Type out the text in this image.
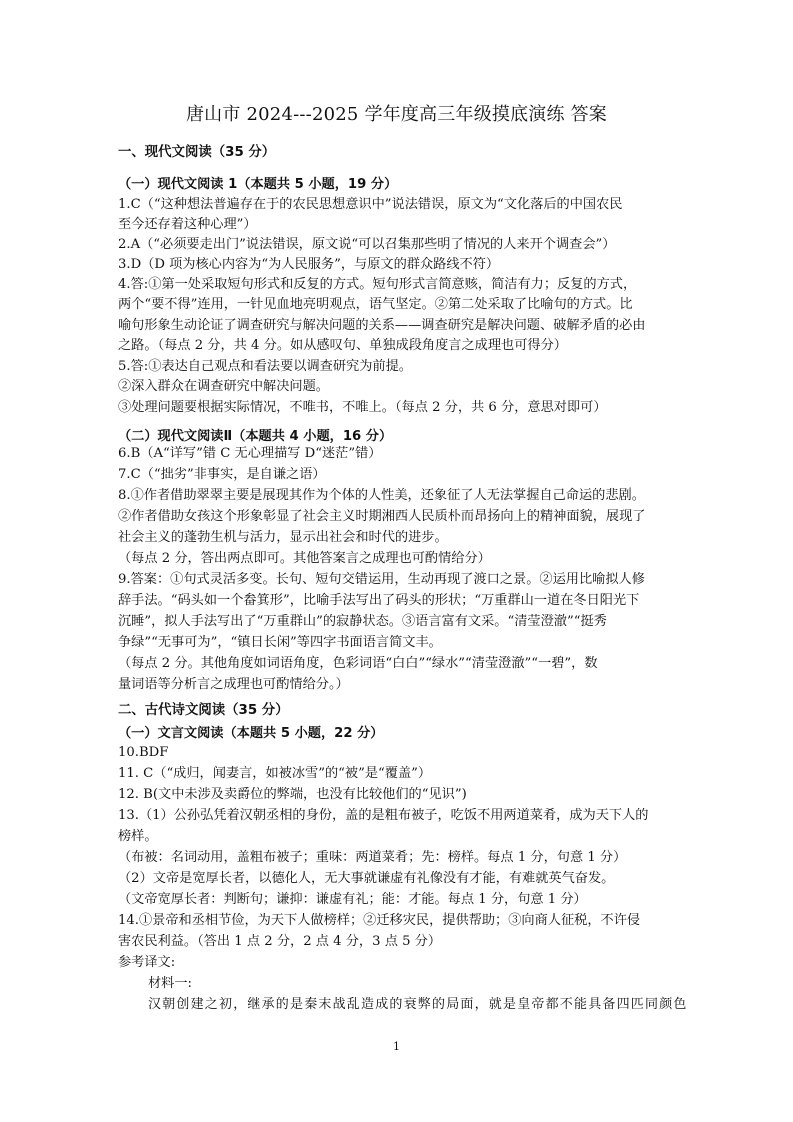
唐山市 2024---2025 学年度高三年级摸底演练 答案
一、现代文阅读（35 分）
（一）现代文阅读 1（本题共 5 小题，19 分）
1.C（“这种想法普遍存在于的农民思想意识中”说法错误，原文为“文化落后的中国农民
至今还存着这种心理”）
2.A（“必须要走出门”说法错误，原文说“可以召集那些明了情况的人来开个调查会”）
3.D（D 项为核心内容为“为人民服务”，与原文的群众路线不符）
4.答:①第一处采取短句形式和反复的方式。短句形式言简意赅，简洁有力；反复的方式，
两个“要不得”连用，一针见血地亮明观点，语气坚定。②第二处采取了比喻句的方式。比
喻句形象生动论证了调查研究与解决问题的关系——调查研究是解决问题、破解矛盾的必由
之路。（每点 2 分，共 4 分。如从感叹句、单独成段角度言之成理也可得分）
5.答:①表达自己观点和看法要以调查研究为前提。
②深入群众在调查研究中解决问题。
③处理问题要根据实际情况，不唯书，不唯上。（每点 2 分，共 6 分，意思对即可）
（二）现代文阅读Ⅱ（本题共 4 小题，16 分）
6.B（A“详写”错 C 无心理描写 D“迷茫”错）
7.C（“拙劣”非事实，是自谦之语）
8.①作者借助翠翠主要是展现其作为个体的人性美，还象征了人无法掌握自己命运的悲剧。
②作者借助女孩这个形象彰显了社会主义时期湘西人民质朴而昂扬向上的精神面貌，展现了
社会主义的蓬勃生机与活力，显示出社会和时代的进步。
（每点 2 分，答出两点即可。其他答案言之成理也可酌情给分）
9.答案：①句式灵活多变。长句、短句交错运用，生动再现了渡口之景。②运用比喻拟人修
辞手法。“码头如一个畚箕形”，比喻手法写出了码头的形状；“万重群山一道在冬日阳光下
沉睡”，拟人手法写出了“万重群山”的寂静状态。③语言富有文采。“清莹澄澈”“挺秀
争绿”“无事可为”，“镇日长闲”等四字书面语言简文丰。
（每点 2 分。其他角度如词语角度，色彩词语“白白”“绿水”“清莹澄澈”“一碧”，数
量词语等分析言之成理也可酌情给分。）
二、古代诗文阅读（35 分）
（一）文言文阅读（本题共 5 小题，22 分）
10.BDF
11. C（“成归，闻妻言，如被冰雪”的“被”是“覆盖”）
12. B(文中未涉及卖爵位的弊端，也没有比较他们的“见识”)
13.（1）公孙弘凭着汉朝丞相的身份，盖的是粗布被子，吃饭不用两道菜肴，成为天下人的
榜样。
（布被：名词动用，盖粗布被子；重味：两道菜肴；先：榜样。每点 1 分，句意 1 分）
（2）文帝是宽厚长者，以德化人，无大事就谦虚有礼像没有才能，有难就英气奋发。
（文帝宽厚长者：判断句；谦抑：谦虚有礼；能：才能。每点 1 分，句意 1 分）
14.①景帝和丞相节俭，为天下人做榜样；②迁移灾民，提供帮助；③向商人征税，不许侵
害农民利益。（答出 1 点 2 分，2 点 4 分，3 点 5 分）
参考译文:
材料一:
汉朝创建之初，继承的是秦末战乱造成的衰弊的局面，就是皇帝都不能具备四匹同颜色
1
